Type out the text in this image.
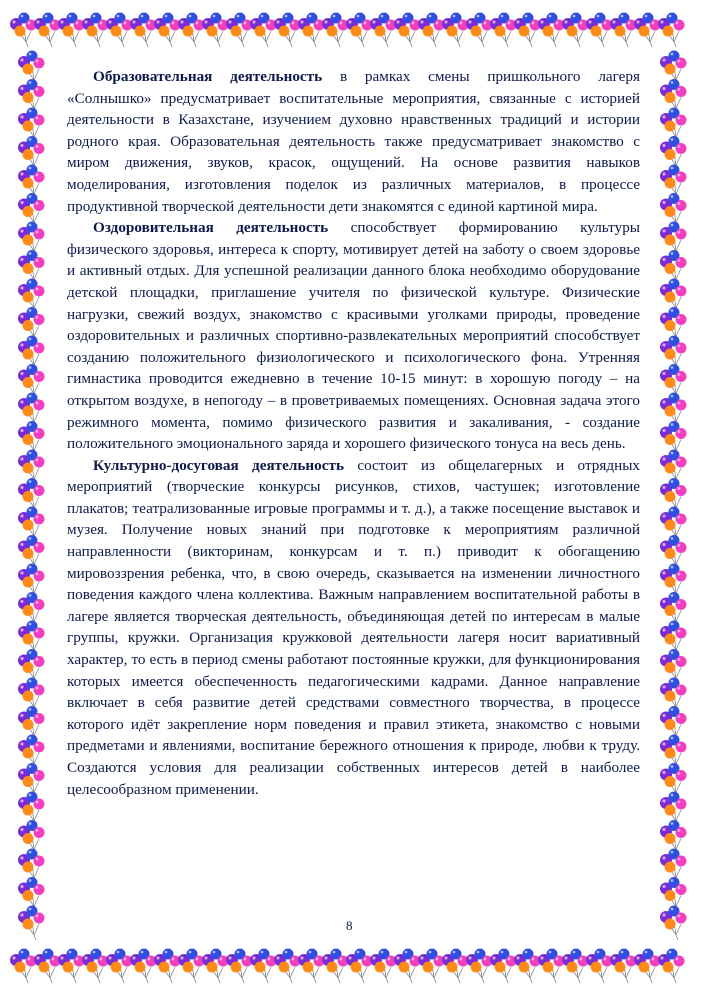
Образовательная деятельность в рамках смены пришкольного лагеря «Солнышко» предусматривает воспитательные мероприятия, связанные с историей деятельности в Казахстане, изучением духовно нравственных традиций и истории родного края. Образовательная деятельность также предусматривает знакомство с миром движения, звуков, красок, ощущений. На основе развития навыков моделирования, изготовления поделок из различных материалов, в процессе продуктивной творческой деятельности дети знакомятся с единой картиной мира.

Оздоровительная деятельность способствует формированию культуры физического здоровья, интереса к спорту, мотивирует детей на заботу о своем здоровье и активный отдых. Для успешной реализации данного блока необходимо оборудование детской площадки, приглашение учителя по физической культуре. Физические нагрузки, свежий воздух, знакомство с красивыми уголками природы, проведение оздоровительных и различных спортивно-развлекательных мероприятий способствует созданию положительного физиологического и психологического фона. Утренняя гимнастика проводится ежедневно в течение 10-15 минут: в хорошую погоду – на открытом воздухе, в непогоду – в проветриваемых помещениях. Основная задача этого режимного момента, помимо физического развития и закаливания, - создание положительного эмоционального заряда и хорошего физического тонуса на весь день.

Культурно-досуговая деятельность состоит из общелагерных и отрядных мероприятий (творческие конкурсы рисунков, стихов, частушек; изготовление плакатов; театрализованные игровые программы и т. д.), а также посещение выставок и музея. Получение новых знаний при подготовке к мероприятиям различной направленности (викторинам, конкурсам и т. п.) приводит к обогащению мировоззрения ребенка, что, в свою очередь, сказывается на изменении личностного поведения каждого члена коллектива. Важным направлением воспитательной работы в лагере является творческая деятельность, объединяющая детей по интересам в малые группы, кружки. Организация кружковой деятельности лагеря носит вариативный характер, то есть в период смены работают постоянные кружки, для функционирования которых имеется обеспеченность педагогическими кадрами. Данное направление включает в себя развитие детей средствами совместного творчества, в процессе которого идёт закрепление норм поведения и правил этикета, знакомство с новыми предметами и явлениями, воспитание бережного отношения к природе, любви к труду. Создаются условия для реализации собственных интересов детей в наиболее целесообразном применении.

8
